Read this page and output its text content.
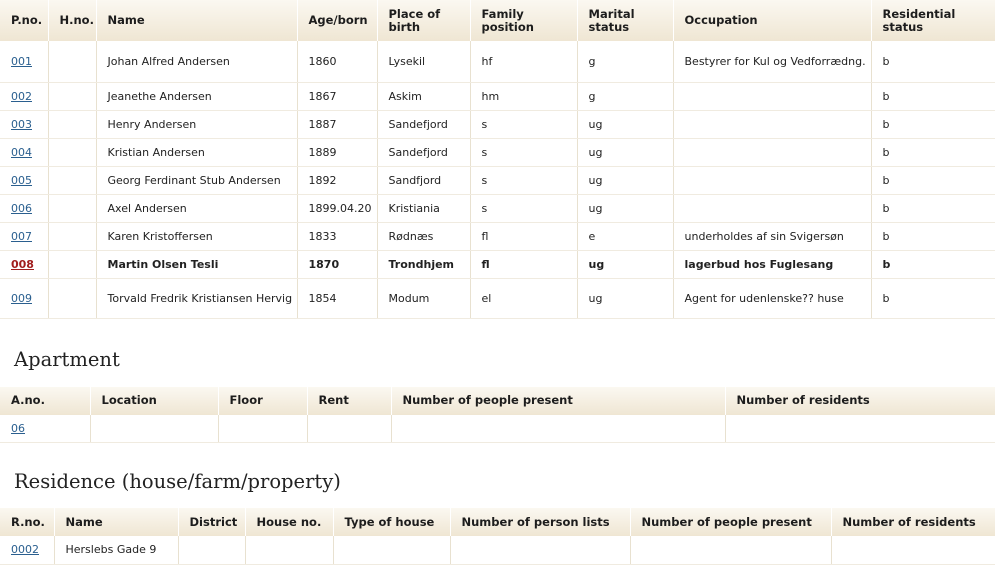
P.no.	H.no.	Name	Age/born	Place of birth	Family position	Marital status	Occupation	Residential status
001		Johan Alfred Andersen	1860	Lysekil	hf	g	Bestyrer for Kul og Vedforrædng.	b
002		Jeanethe Andersen	1867	Askim	hm	g		b
003		Henry Andersen	1887	Sandefjord	s	ug		b
004		Kristian Andersen	1889	Sandefjord	s	ug		b
005		Georg Ferdinant Stub Andersen	1892	Sandfjord	s	ug		b
006		Axel Andersen	1899.04.20	Kristiania	s	ug		b
007		Karen Kristoffersen	1833	Rødnæs	fl	e	underholdes af sin Svigersøn	b
008		Martin Olsen Tesli	1870	Trondhjem	fl	ug	lagerbud hos Fuglesang	b
009		Torvald Fredrik Kristiansen Hervig	1854	Modum	el	ug	Agent for udenlenske?? huse	b
Apartment
A.no.	Location	Floor	Rent	Number of people present	Number of residents
06					
Residence (house/farm/property)
R.no.	Name	District	House no.	Type of house	Number of person lists	Number of people present	Number of residents
0002	Herslebs Gade 9						
